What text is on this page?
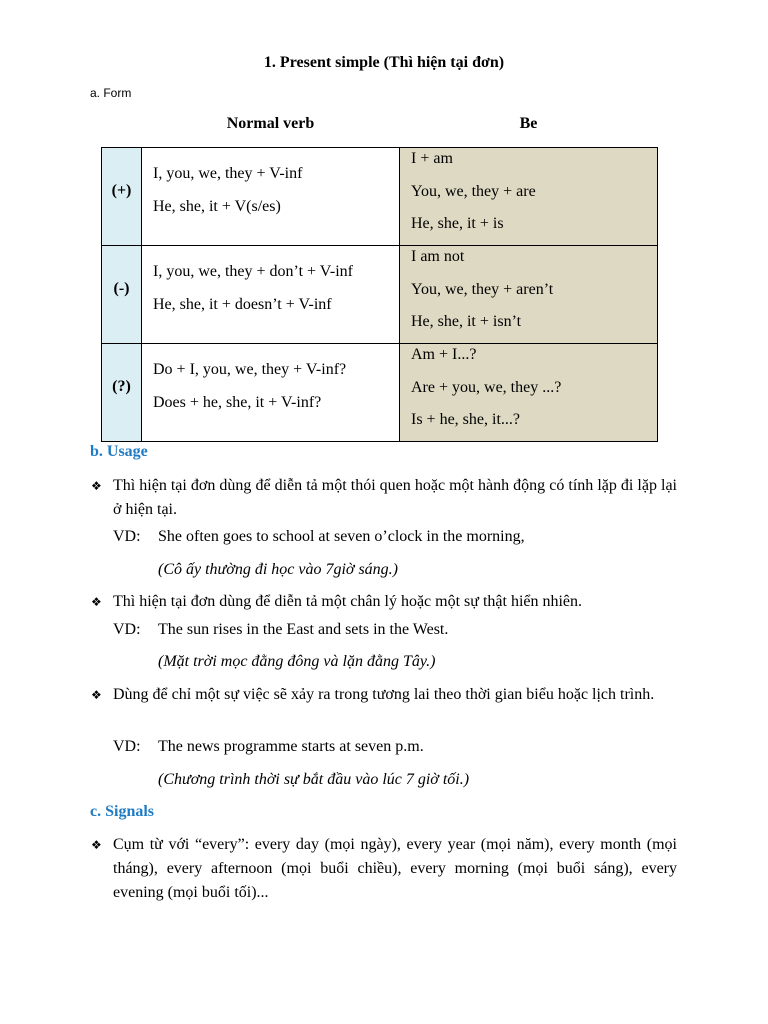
1. Present simple (Thì hiện tại đơn)
a. Form
Normal verb	Be
(+)
I, you, we, they + V-inf
He, she, it + V(s/es)
I + am
You, we, they + are
He, she, it + is
(-)
I, you, we, they + don’t + V-inf
He, she, it + doesn’t + V-inf
I am not
You, we, they + aren’t
He, she, it + isn’t
(?)
Do + I, you, we, they + V-inf?
Does + he, she, it + V-inf?
Am + I...?
Are + you, we, they ...?
Is + he, she, it...?
b. Usage
❖ Thì hiện tại đơn dùng để diễn tả một thói quen hoặc một hành động có tính lặp đi lặp lại ở hiện tại.
VD: She often goes to school at seven o’clock in the morning,
(Cô ấy thường đi học vào 7giờ sáng.)
❖ Thì hiện tại đơn dùng để diễn tả một chân lý hoặc một sự thật hiển nhiên.
VD: The sun rises in the East and sets in the West.
(Mặt trời mọc đằng đông và lặn đằng Tây.)
❖ Dùng để chỉ một sự việc sẽ xảy ra trong tương lai theo thời gian biểu hoặc lịch trình.
VD: The news programme starts at seven p.m.
(Chương trình thời sự bắt đầu vào lúc 7 giờ tối.)
c. Signals
❖ Cụm từ với “every”: every day (mọi ngày), every year (mọi năm), every month (mọi tháng), every afternoon (mọi buổi chiều), every morning (mọi buổi sáng), every evening (mọi buổi tối)...
